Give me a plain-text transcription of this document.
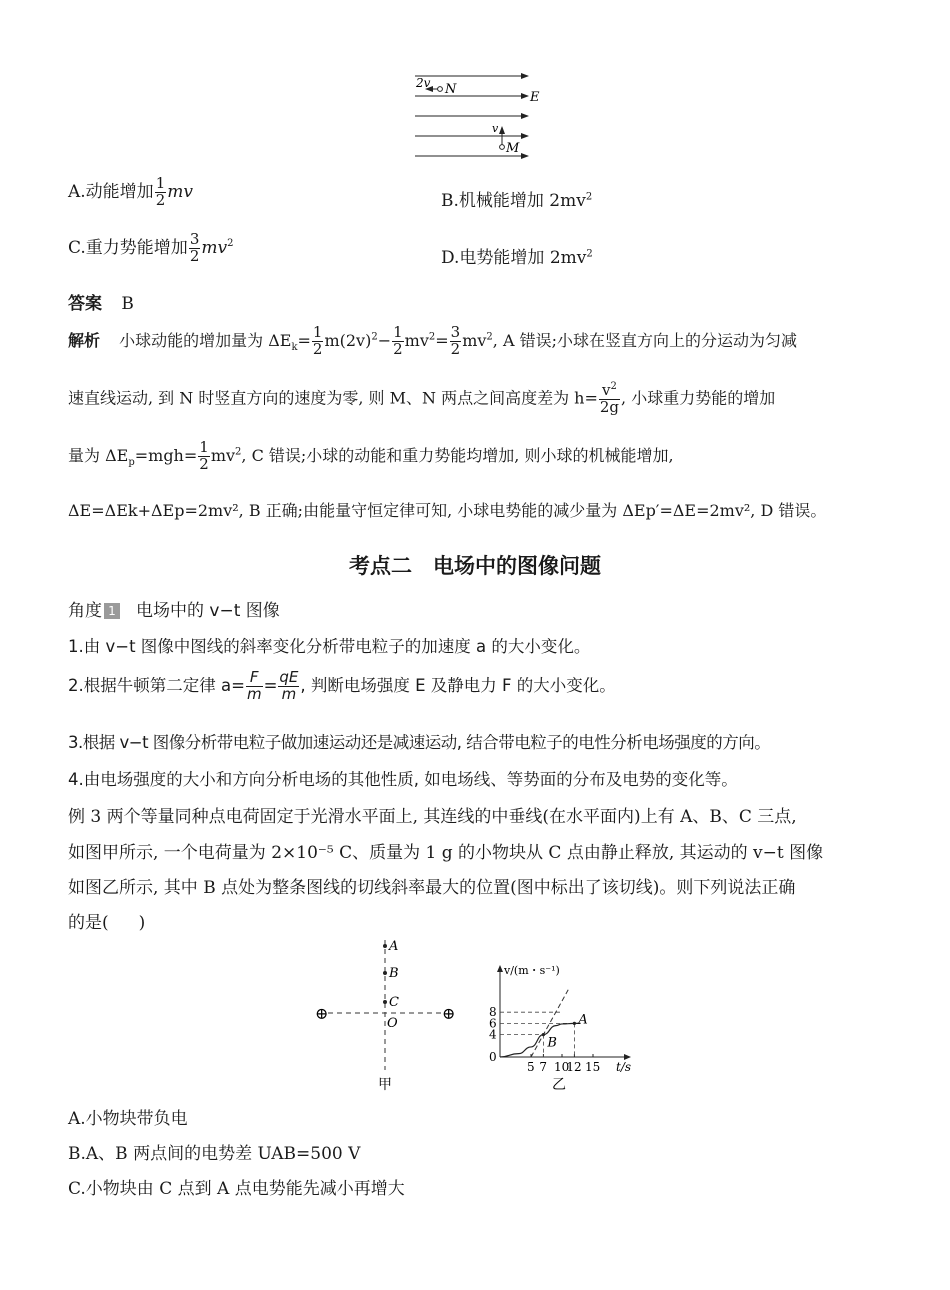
2v N
E
v
M
A.动能增加 $\frac{1}{2}$ mv	B.机械能增加 $2mv^2$
C.重力势能增加 $\frac{3}{2} mv^2$
D.电势能增加 $2mv^2$
答案 B
解析 小球动能的增加量为 $\Delta E_k= \frac{1}{2} m(2v)^2- \frac{1}{2} mv^2= \frac{3}{2} mv^2$, A 错误;小球在竖直方向上的分运动为匀减
速直线运动, 到 N 时竖直方向的速度为零, 则 M、N 两点之间高度差为 $h= \frac{v^2}{2g}$ , 小球重力势能的增加
量为 $\Delta E_p=mgh= \frac{1}{2} mv^2$, C 错误;小球的动能和重力势能均增加, 则小球的机械能增加,
ΔE=ΔEk+ΔEp=2mv², B 正确;由能量守恒定律可知, 小球电势能的减少量为 ΔEp′=ΔE=2mv², D 错误。
考点二　电场中的图像问题
角度 1 电场中的 v−t 图像
1.由 v−t 图像中图线的斜率变化分析带电粒子的加速度 a 的大小变化。
2.根据牛顿第二定律 $a= \frac{F}{m} = \frac{qE}{m}$ , 判断电场强度 E 及静电力 F 的大小变化。
3.根据 v−t 图像分析带电粒子做加速运动还是减速运动, 结合带电粒子的电性分析电场强度的方向。
4.由电场强度的大小和方向分析电场的其他性质, 如电场线、等势面的分布及电势的变化等。
例 3 两个等量同种点电荷固定于光滑水平面上, 其连线的中垂线(在水平面内)上有 A、B、C 三点,
如图甲所示, 一个电荷量为 2×10⁻⁵ C、质量为 1 g 的小物块从 C 点由静止释放, 其运动的 v−t 图像
如图乙所示, 其中 B 点处为整条图线的切线斜率最大的位置(图中标出了该切线)。则下列说法正确
的是( )
⊕	⊕
A
B
C
O
甲
v/(m・s⁻¹)
t/s
5 7 10
12 15
0
4
6
8
A
B
乙
A.小物块带负电
B.A、B 两点间的电势差 UAB=500 V
C.小物块由 C 点到 A 点电势能先减小再增大
